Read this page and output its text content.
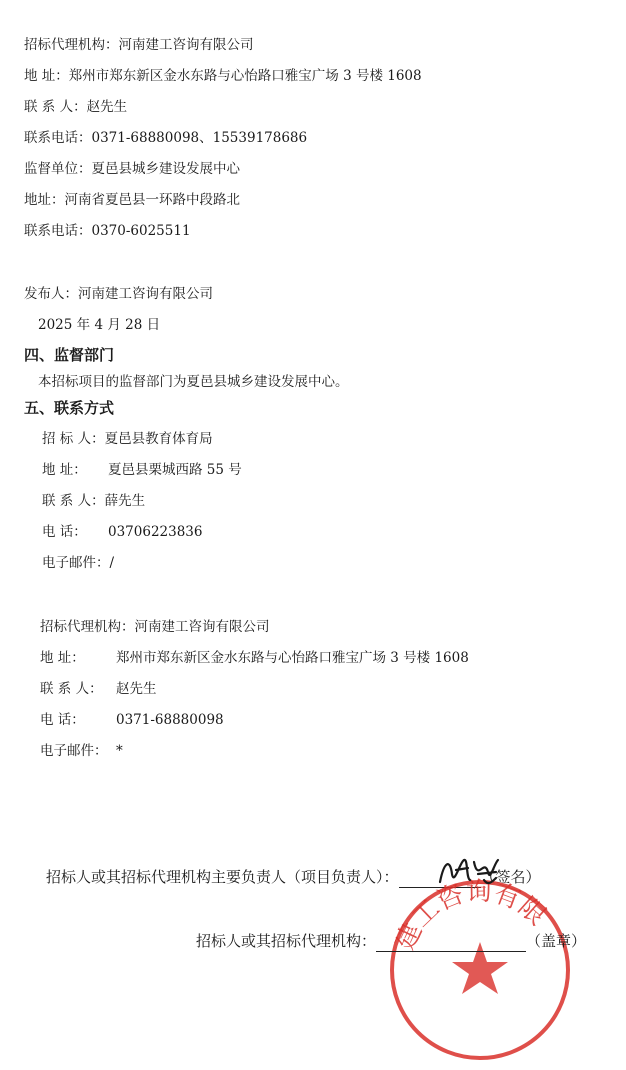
招标代理机构：河南建工咨询有限公司
地 址：郑州市郑东新区金水东路与心怡路口雅宝广场 3 号楼 1608
联 系 人：赵先生
联系电话：0371-68880098、15539178686
监督单位：夏邑县城乡建设发展中心
地址：河南省夏邑县一环路中段路北
联系电话：0370-6025511
发布人：河南建工咨询有限公司
2025 年 4 月 28 日
四、监督部门
本招标项目的监督部门为夏邑县城乡建设发展中心。
五、联系方式
招 标 人：夏邑县教育体育局
地 址： 夏邑县栗城西路 55 号
联 系 人：薛先生
电 话： 03706223836
电子邮件：/
招标代理机构：河南建工咨询有限公司
地 址： 郑州市郑东新区金水东路与心怡路口雅宝广场 3 号楼 1608
联 系 人： 赵先生
电 话： 0371-68880098
电子邮件： *
招标人或其招标代理机构主要负责人（项目负责人）：	（签名）
建工咨询有限
招标人或其招标代理机构：	（盖章）
